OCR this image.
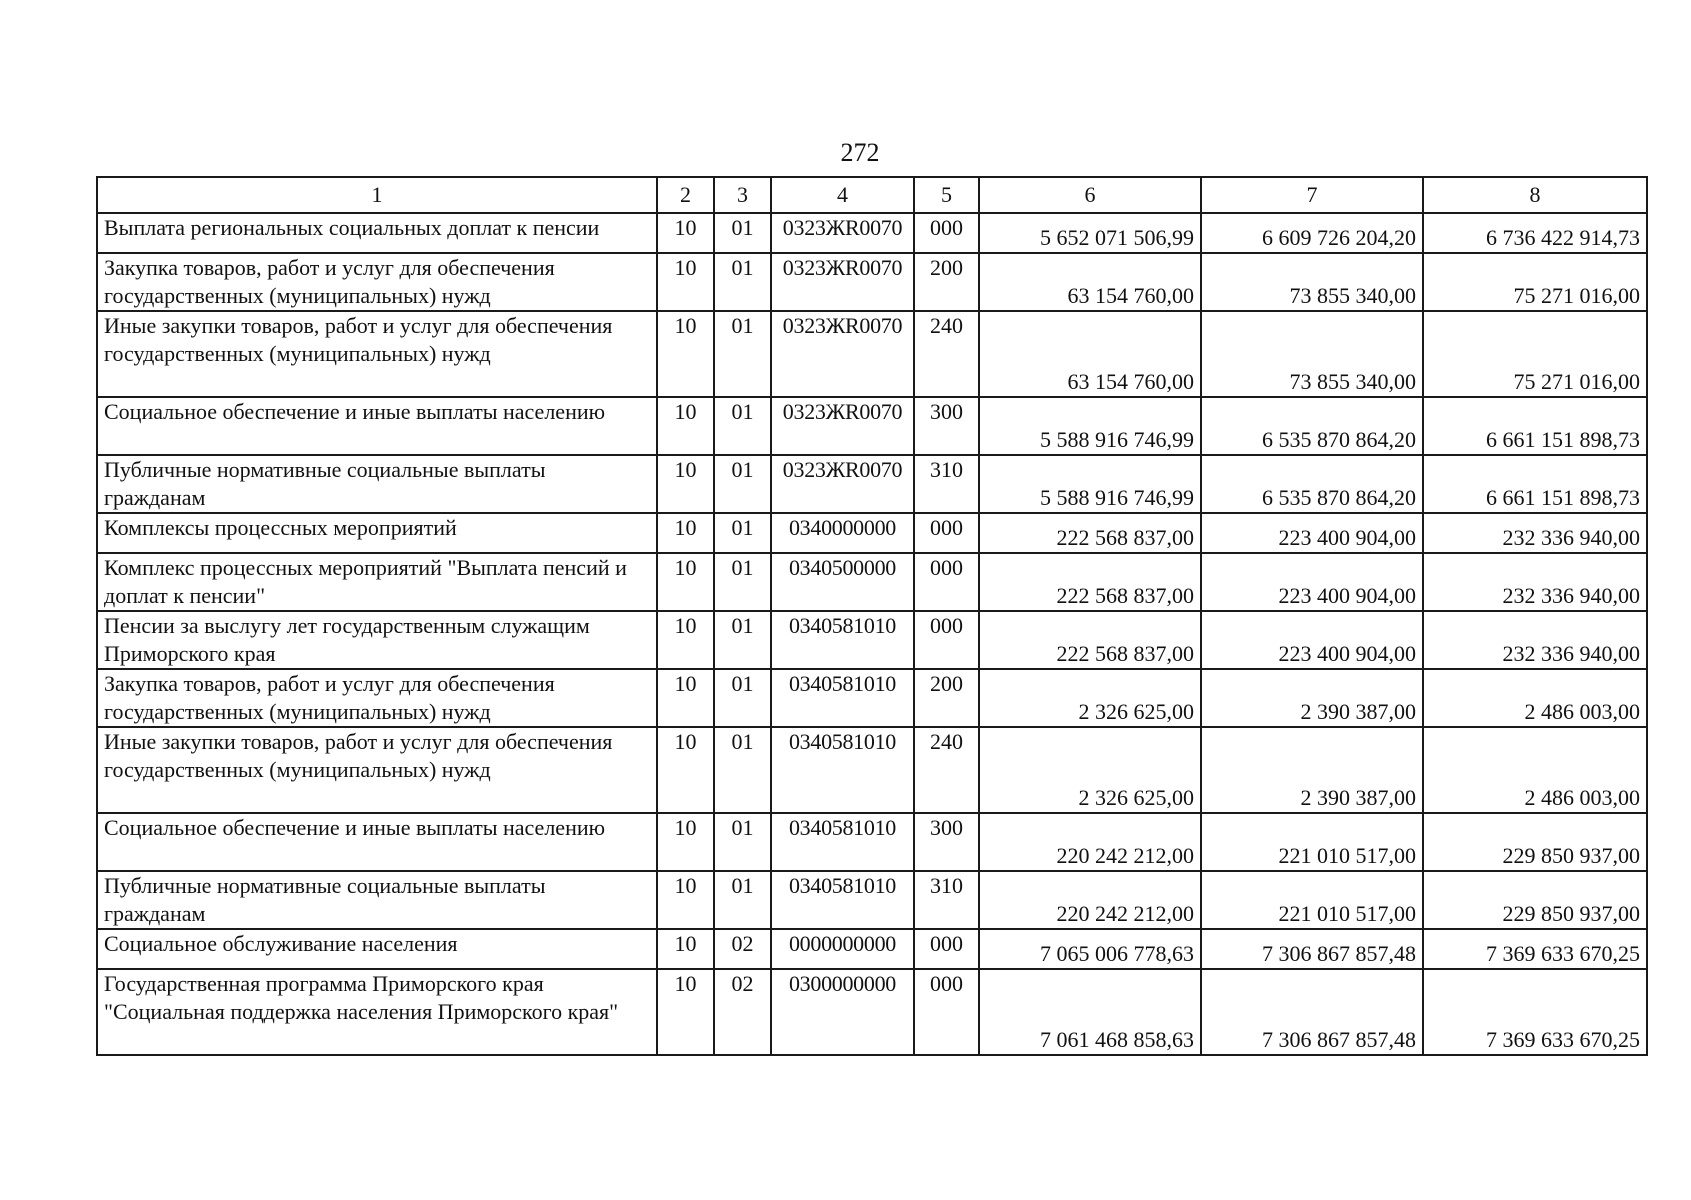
272
1	2	3	4	5	6	7	8
Выплата региональных социальных доплат к пенсии	10	01	0323ЖR0070	000	5 652 071 506,99	6 609 726 204,20	6 736 422 914,73
Закупка товаров, работ и услуг для обеспечения государственных (муниципальных) нужд	10	01	0323ЖR0070	200	63 154 760,00	73 855 340,00	75 271 016,00
Иные закупки товаров, работ и услуг для обеспечения государственных (муниципальных) нужд	10	01	0323ЖR0070	240	63 154 760,00	73 855 340,00	75 271 016,00
Социальное обеспечение и иные выплаты населению	10	01	0323ЖR0070	300	5 588 916 746,99	6 535 870 864,20	6 661 151 898,73
Публичные нормативные социальные выплаты гражданам	10	01	0323ЖR0070	310	5 588 916 746,99	6 535 870 864,20	6 661 151 898,73
Комплексы процессных мероприятий	10	01	0340000000	000	222 568 837,00	223 400 904,00	232 336 940,00
Комплекс процессных мероприятий "Выплата пенсий и доплат к пенсии"	10	01	0340500000	000	222 568 837,00	223 400 904,00	232 336 940,00
Пенсии за выслугу лет государственным служащим Приморского края	10	01	0340581010	000	222 568 837,00	223 400 904,00	232 336 940,00
Закупка товаров, работ и услуг для обеспечения государственных (муниципальных) нужд	10	01	0340581010	200	2 326 625,00	2 390 387,00	2 486 003,00
Иные закупки товаров, работ и услуг для обеспечения государственных (муниципальных) нужд	10	01	0340581010	240	2 326 625,00	2 390 387,00	2 486 003,00
Социальное обеспечение и иные выплаты населению	10	01	0340581010	300	220 242 212,00	221 010 517,00	229 850 937,00
Публичные нормативные социальные выплаты гражданам	10	01	0340581010	310	220 242 212,00	221 010 517,00	229 850 937,00
Социальное обслуживание населения	10	02	0000000000	000	7 065 006 778,63	7 306 867 857,48	7 369 633 670,25
Государственная программа Приморского края "Социальная поддержка населения Приморского края"	10	02	0300000000	000	7 061 468 858,63	7 306 867 857,48	7 369 633 670,25
